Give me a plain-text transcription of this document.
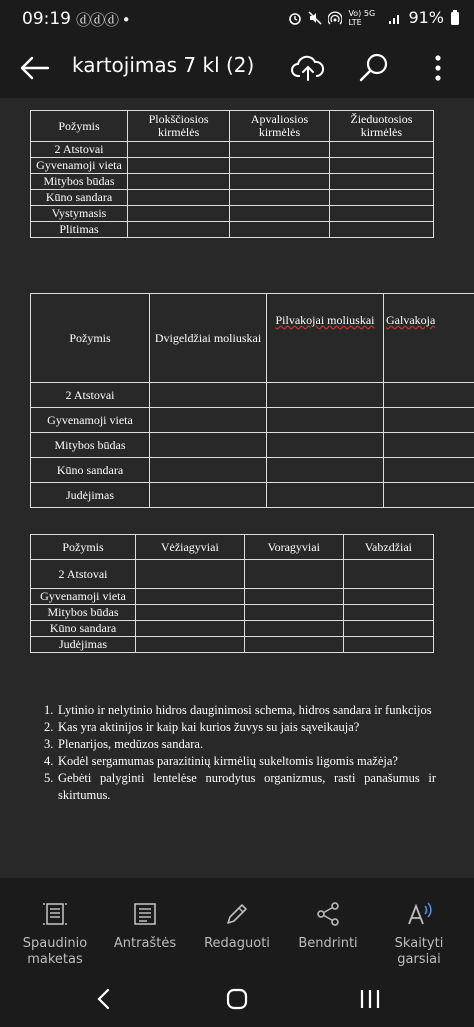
09:19 ⓓⓓⓓ •	Vo) 5G LTE	91%
kartojimas 7 kl (2)
Požymis	Plokščiosios kirmėlės	Apvaliosios kirmėlės	Žieduotosios kirmėlės
2 Atstovai			
Gyvenamoji vieta			
Mitybos būdas			
Kūno sandara			
Vystymasis			
Plitimas			
Požymis	Dvigeldžiai moliuskai	Pilvakojai moliuskai	Galvakoja
2 Atstovai			
Gyvenamoji vieta			
Mitybos būdas			
Kūno sandara			
Judėjimas			
Požymis	Vėžiagyviai	Voragyviai	Vabzdžiai
2 Atstovai			
Gyvenamoji vieta			
Mitybos būdas			
Kūno sandara			
Judėjimas			
1. Lytinio ir nelytinio hidros dauginimosi schema, hidros sandara ir funkcijos
2. Kas yra aktinijos ir kaip kai kurios žuvys su jais sąveikauja?
3. Plenarijos, medūzos sandara.
4. Kodėl sergamumas parazitinių kirmėlių sukeltomis ligomis mažėja?
5. Gebėti palyginti lentelėse nurodytus organizmus, rasti panašumus ir skirtumus.
Spaudinio maketas
Antraštės	Redaguoti	Bendrinti	Skaityti garsiai
